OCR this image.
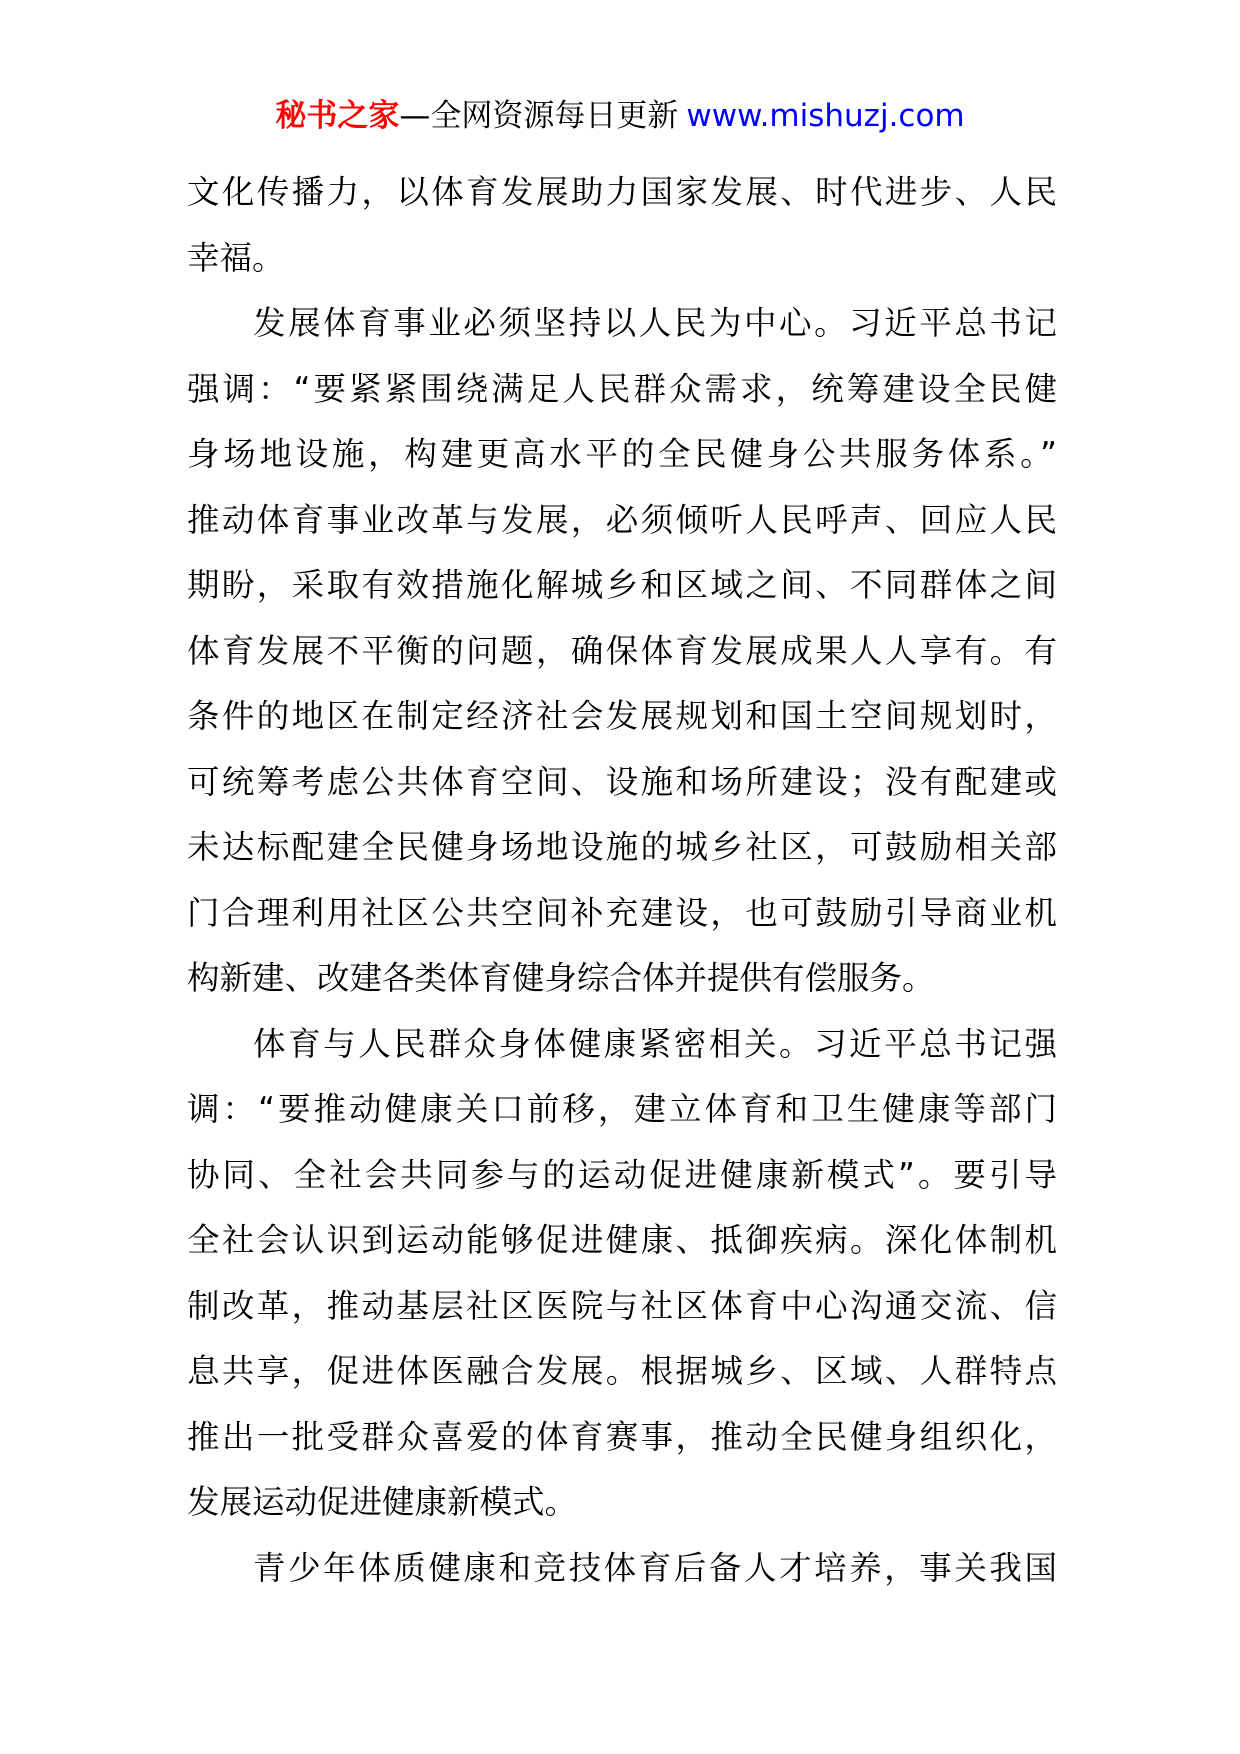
秘书之家—全网资源每日更新 www.mishuzj.com
文化传播力，以体育发展助力国家发展、时代进步、人民
幸福。
发展体育事业必须坚持以人民为中心。习近平总书记
强调：“要紧紧围绕满足人民群众需求，统筹建设全民健
身场地设施，构建更高水平的全民健身公共服务体系。”
推动体育事业改革与发展，必须倾听人民呼声、回应人民
期盼，采取有效措施化解城乡和区域之间、不同群体之间
体育发展不平衡的问题，确保体育发展成果人人享有。有
条件的地区在制定经济社会发展规划和国土空间规划时，
可统筹考虑公共体育空间、设施和场所建设；没有配建或
未达标配建全民健身场地设施的城乡社区，可鼓励相关部
门合理利用社区公共空间补充建设，也可鼓励引导商业机
构新建、改建各类体育健身综合体并提供有偿服务。
体育与人民群众身体健康紧密相关。习近平总书记强
调：“要推动健康关口前移，建立体育和卫生健康等部门
协同、全社会共同参与的运动促进健康新模式”。要引导
全社会认识到运动能够促进健康、抵御疾病。深化体制机
制改革，推动基层社区医院与社区体育中心沟通交流、信
息共享，促进体医融合发展。根据城乡、区域、人群特点
推出一批受群众喜爱的体育赛事，推动全民健身组织化，
发展运动促进健康新模式。
青少年体质健康和竞技体育后备人才培养，事关我国
